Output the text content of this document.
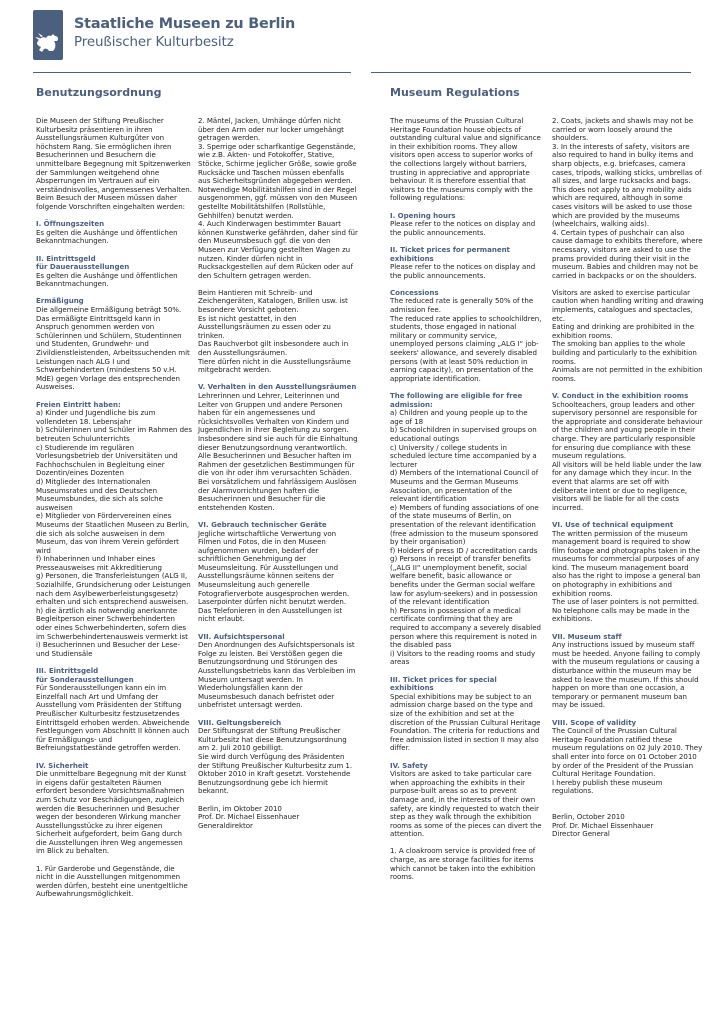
Staatliche Museen zu Berlin
Preußischer Kulturbesitz
Benutzungsordnung	Museum Regulations
Die Museen der Stiftung Preußischer Kulturbesitz präsentieren in ihren Ausstellungsräumen Kulturgüter von höchstem Rang. Sie ermöglichen ihren Besucherinnen und Besuchern die unmittelbare Begegnung mit Spitzenwerken der Sammlungen weitgehend ohne Absperrungen im Vertrauen auf ein verständnisvolles, angemessenes Verhalten. Beim Besuch der Museen müssen daher folgende Vorschriften eingehalten werden:
I. Öffnungszeiten
Es gelten die Aushänge und öffentlichen Bekanntmachungen.
II. Eintrittsgeld
für Dauerausstellungen
Es gelten die Aushänge und öffentlichen Bekanntmachungen.
Ermäßigung
Die allgemeine Ermäßigung beträgt 50%. Das ermäßigte Eintrittsgeld kann in Anspruch genommen werden von Schülerinnen und Schülern, Studentinnen und Studenten, Grundwehr- und Zivildienstleistenden, Arbeitssuchenden mit Leistungen nach ALG I und Schwerbehinderten (mindestens 50 v.H. MdE) gegen Vorlage des entsprechenden Ausweises.
Freien Eintritt haben:
a) Kinder und Jugendliche bis zum vollendeten 18. Lebensjahr
b) Schülerinnen und Schüler im Rahmen des betreuten Schulunterrichts
c) Studierende im regulären Vorlesungsbetrieb der Universitäten und Fachhochschulen in Begleitung einer Dozentin/eines Dozenten
d) Mitglieder des Internationalen Museumsrates und des Deutschen Museumsbundes, die sich als solche ausweisen
e) Mitglieder von Fördervereinen eines Museums der Staatlichen Museen zu Berlin, die sich als solche ausweisen in dem Museum, das von ihrem Verein gefördert wird
f) Inhaberinnen und Inhaber eines Presseausweises mit Akkreditierung
g) Personen, die Transferleistungen (ALG II, Sozialhilfe, Grundsicherung oder Leistungen nach dem Asylbewerberleistungsgesetz) erhalten und sich entsprechend ausweisen.
h) die ärztlich als notwendig anerkannte Begleitperson einer Schwerbehinderten oder eines Schwerbehinderten, sofern dies im Schwerbehindertenausweis vermerkt ist
i) Besucherinnen und Besucher der Lese- und Studiensäle
III. Eintrittsgeld
für Sonderausstellungen
Für Sonderausstellungen kann ein im Einzelfall nach Art und Umfang der Ausstellung vom Präsidenten der Stiftung Preußischer Kulturbesitz festzusetzendes Eintrittsgeld erhoben werden. Abweichende Festlegungen vom Abschnitt II können auch für Ermäßigungs- und Befreiungstatbestände getroffen werden.
IV. Sicherheit
Die unmittelbare Begegnung mit der Kunst in eigens dafür gestalteten Räumen erfordert besondere Vorsichtsmaßnahmen zum Schutz vor Beschädigungen, zugleich werden die Besucherinnen und Besucher wegen der besonderen Wirkung mancher Ausstellungsstücke zu ihrer eigenen Sicherheit aufgefordert, beim Gang durch die Ausstellungen ihren Weg angemessen im Blick zu behalten.
1. Für Garderobe und Gegenstände, die nicht in die Ausstellungen mitgenommen werden dürfen, besteht eine unentgeltliche Aufbewahrungsmöglichkeit.
2. Mäntel, Jacken, Umhänge dürfen nicht über den Arm oder nur locker umgehängt getragen werden.
3. Sperrige oder scharfkantige Gegenstände, wie z.B. Akten- und Fotokoffer, Stative, Stöcke, Schirme jeglicher Größe, sowie große Rucksäcke und Taschen müssen ebenfalls aus Sicherheitsgründen abgegeben werden. Notwendige Mobilitätshilfen sind in der Regel ausgenommen, ggf. müssen von den Museen gestellte Mobilitätshilfen (Rollstühle, Gehhilfen) benutzt werden.
4. Auch Kinderwagen bestimmter Bauart können Kunstwerke gefährden, daher sind für den Museumsbesuch ggf. die von den Museen zur Verfügung gestellten Wagen zu nutzen. Kinder dürfen nicht in Rucksackgestellen auf dem Rücken oder auf den Schultern getragen werden.
Beim Hantieren mit Schreib- und Zeichengeräten, Katalogen, Brillen usw. ist besondere Vorsicht geboten.
Es ist nicht gestattet, in den Ausstellungsräumen zu essen oder zu trinken.
Das Rauchverbot gilt insbesondere auch in den Ausstellungsräumen.
Tiere dürfen nicht in die Ausstellungsräume mitgebracht werden.
V. Verhalten in den Ausstellungsräumen
Lehrerinnen und Lehrer, Leiterinnen und Leiter von Gruppen und andere Personen haben für ein angemessenes und rücksichtsvolles Verhalten von Kindern und Jugendlichen in ihrer Begleitung zu sorgen. Insbesondere sind sie auch für die Einhaltung dieser Benutzungsordnung verantwortlich.
Alle Besucherinnen und Besucher haften im Rahmen der gesetzlichen Bestimmungen für die von ihr oder ihm verursachten Schäden. Bei vorsätzlichem und fahrlässigem Auslösen der Alarmvorrichtungen haften die Besucherinnen und Besucher für die entstehenden Kosten.
VI. Gebrauch technischer Geräte
Jegliche wirtschaftliche Verwertung von Filmen und Fotos, die in den Museen aufgenommen wurden, bedarf der schriftlichen Genehmigung der Museumsleitung. Für Ausstellungen und Ausstellungsräume können seitens der Museumsleitung auch generelle Fotografierverbote ausgesprochen werden.
Laserpointer dürfen nicht benutzt werden. Das Telefonieren in den Ausstellungen ist nicht erlaubt.
VII. Aufsichtspersonal
Den Anordnungen des Aufsichtspersonals ist Folge zu leisten. Bei Verstößen gegen die Benutzungsordnung und Störungen des Ausstellungsbetriebs kann das Verbleiben im Museum untersagt werden. In Wiederholungsfällen kann der Museumsbesuch danach befristet oder unbefristet untersagt werden.
VIII. Geltungsbereich
Der Stiftungsrat der Stiftung Preußischer Kulturbesitz hat diese Benutzungsordnung am 2. Juli 2010 gebilligt.
Sie wird durch Verfügung des Präsidenten der Stiftung Preußischer Kulturbesitz zum 1. Oktober 2010 in Kraft gesetzt. Vorstehende Benutzungsordnung gebe ich hiermit bekannt.
Berlin, im Oktober 2010
Prof. Dr. Michael Eissenhauer
Generaldirektor
The museums of the Prussian Cultural Heritage Foundation house objects of outstanding cultural value and significance in their exhibition rooms. They allow visitors open access to superior works of the collections largely without barriers, trusting in appreciative and appropriate behaviour. It is therefore essential that visitors to the museums comply with the following regulations:
I. Opening hours
Please refer to the notices on display and the public announcements.
II. Ticket prices for permanent exhibitions
Please refer to the notices on display and the public announcements.
Concessions
The reduced rate is generally 50% of the admission fee.
The reduced rate applies to schoolchildren, students, those engaged in national military or community service, unemployed persons claiming „ALG I“ job-seekers' allowance, and severely disabled persons (with at least 50% reduction in earning capacity), on presentation of the appropriate identification.
The following are eligible for free admission:
a) Children and young people up to the age of 18
b) Schoolchildren in supervised groups on educational outings
c) University / college students in scheduled lecture time accompanied by a lecturer
d) Members of the International Council of Museums and the German Museums Association, on presentation of the relevant identification
e) Members of funding associations of one of the state museums of Berlin, on presentation of the relevant identification (free admission to the museum sponsored by their organisation)
f) Holders of press ID / accreditation cards
g) Persons in receipt of transfer benefits („ALG II“ unemployment benefit, social welfare benefit, basic allowance or benefits under the German social welfare law for asylum-seekers) and in possession of the relevant identification
h) Persons in possession of a medical certificate confirming that they are required to accompany a severely disabled person where this requirement is noted in the disabled pass
i) Visitors to the reading rooms and study areas
III. Ticket prices for special exhibitions
Special exhibitions may be subject to an admission charge based on the type and size of the exhibition and set at the discretion of the Prussian Cultural Heritage Foundation. The criteria for reductions and free admission listed in section II may also differ.
IV. Safety
Visitors are asked to take particular care when approaching the exhibits in their purpose-built areas so as to prevent damage and, in the interests of their own safety, are kindly requested to watch their step as they walk through the exhibition rooms as some of the pieces can divert the attention.
1. A cloakroom service is provided free of charge, as are storage facilities for items which cannot be taken into the exhibition rooms.
2. Coats, jackets and shawls may not be carried or worn loosely around the shoulders.
3. In the interests of safety, visitors are also required to hand in bulky items and sharp objects, e.g. briefcases, camera cases, tripods, walking sticks, umbrellas of all sizes, and large rucksacks and bags. This does not apply to any mobility aids which are required, although in some cases visitors will be asked to use those which are provided by the museums (wheelchairs, walking aids).
4. Certain types of pushchair can also cause damage to exhibits therefore, where necessary, visitors are asked to use the prams provided during their visit in the museum. Babies and children may not be carried in backpacks or on the shoulders.
Visitors are asked to exercise particular caution when handling writing and drawing implements, catalogues and spectacles, etc.
Eating and drinking are prohibited in the exhibition rooms.
The smoking ban applies to the whole building and particularly to the exhibition rooms.
Animals are not permitted in the exhibition rooms.
V. Conduct in the exhibition rooms
Schoolteachers, group leaders and other supervisory personnel are responsible for the appropriate and considerate behaviour of the children and young people in their charge. They are particularly responsible for ensuring due compliance with these museum regulations.
All visitors will be held liable under the law for any damage which they incur. In the event that alarms are set off with deliberate intent or due to negligence, visitors will be liable for all the costs incurred.
VI. Use of technical equipment
The written permission of the museum management board is required to show film footage and photographs taken in the museums for commercial purposes of any kind. The museum management board also has the right to impose a general ban on photography in exhibitions and exhibition rooms.
The use of laser pointers is not permitted. No telephone calls may be made in the exhibitions.
VII. Museum staff
Any instructions issued by museum staff must be heeded. Anyone failing to comply with the museum regulations or causing a disturbance within the museum may be asked to leave the museum. If this should happen on more than one occasion, a temporary or permanent museum ban may be issued.
VIII. Scope of validity
The Council of the Prussian Cultural Heritage Foundation ratified these museum regulations on 02 July 2010. They shall enter into force on 01 October 2010 by order of the President of the Prussian Cultural Heritage Foundation.
I hereby publish these museum regulations.
Berlin, October 2010
Prof. Dr. Michael Eissenhauer
Director General
